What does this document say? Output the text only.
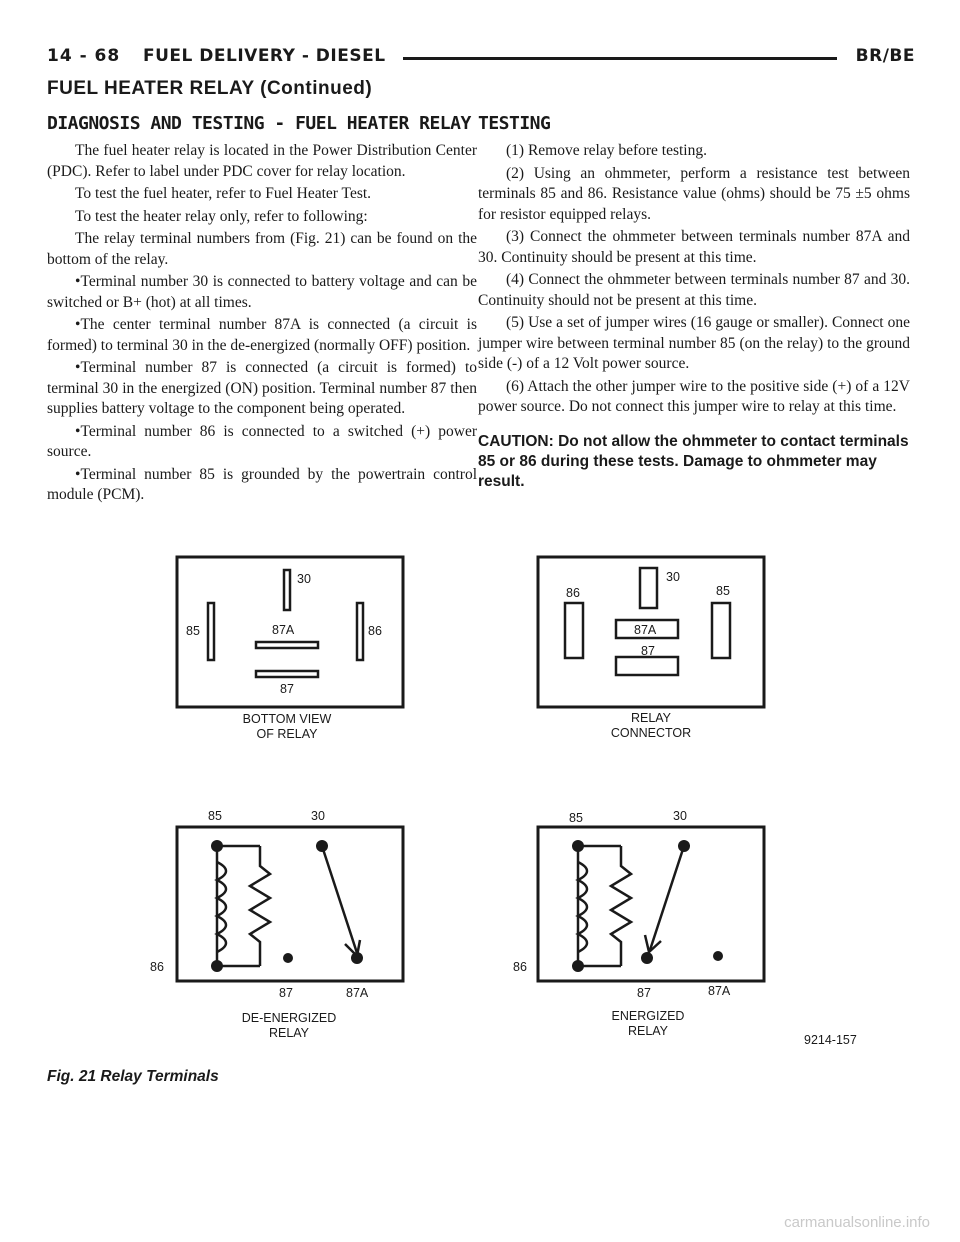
14 - 68 FUEL DELIVERY - DIESEL	BR/BE
FUEL HEATER RELAY (Continued)
DIAGNOSIS AND TESTING - FUEL HEATER RELAY

The fuel heater relay is located in the Power Distribution Center (PDC). Refer to label under PDC cover for relay location.

To test the fuel heater, refer to Fuel Heater Test.

To test the heater relay only, refer to following:

The relay terminal numbers from (Fig. 21) can be found on the bottom of the relay.

•Terminal number 30 is connected to battery voltage and can be switched or B+ (hot) at all times.

•The center terminal number 87A is connected (a circuit is formed) to terminal 30 in the de-energized (normally OFF) position.

•Terminal number 87 is connected (a circuit is formed) to terminal 30 in the energized (ON) position. Terminal number 87 then supplies battery voltage to the component being operated.

•Terminal number 86 is connected to a switched (+) power source.

•Terminal number 85 is grounded by the powertrain control module (PCM).

TESTING

(1) Remove relay before testing.

(2) Using an ohmmeter, perform a resistance test between terminals 85 and 86. Resistance value (ohms) should be 75 ±5 ohms for resistor equipped relays.

(3) Connect the ohmmeter between terminals number 87A and 30. Continuity should be present at this time.

(4) Connect the ohmmeter between terminals number 87 and 30. Continuity should not be present at this time.

(5) Use a set of jumper wires (16 gauge or smaller). Connect one jumper wire between terminal number 85 (on the relay) to the ground side (-) of a 12 Volt power source.

(6) Attach the other jumper wire to the positive side (+) of a 12V power source. Do not connect this jumper wire to relay at this time.

CAUTION: Do not allow the ohmmeter to contact terminals 85 or 86 during these tests. Damage to ohmmeter may result.

30
85	87A	86
87
BOTTOM VIEW
OF RELAY
86
30
85
87A
87
RELAY
CONNECTOR
85	30
86
87	87A
DE-ENERGIZED
RELAY
85	30
86
87	87A
ENERGIZED
RELAY
9214-157
Fig. 21 Relay Terminals
carmanualsonline.info
